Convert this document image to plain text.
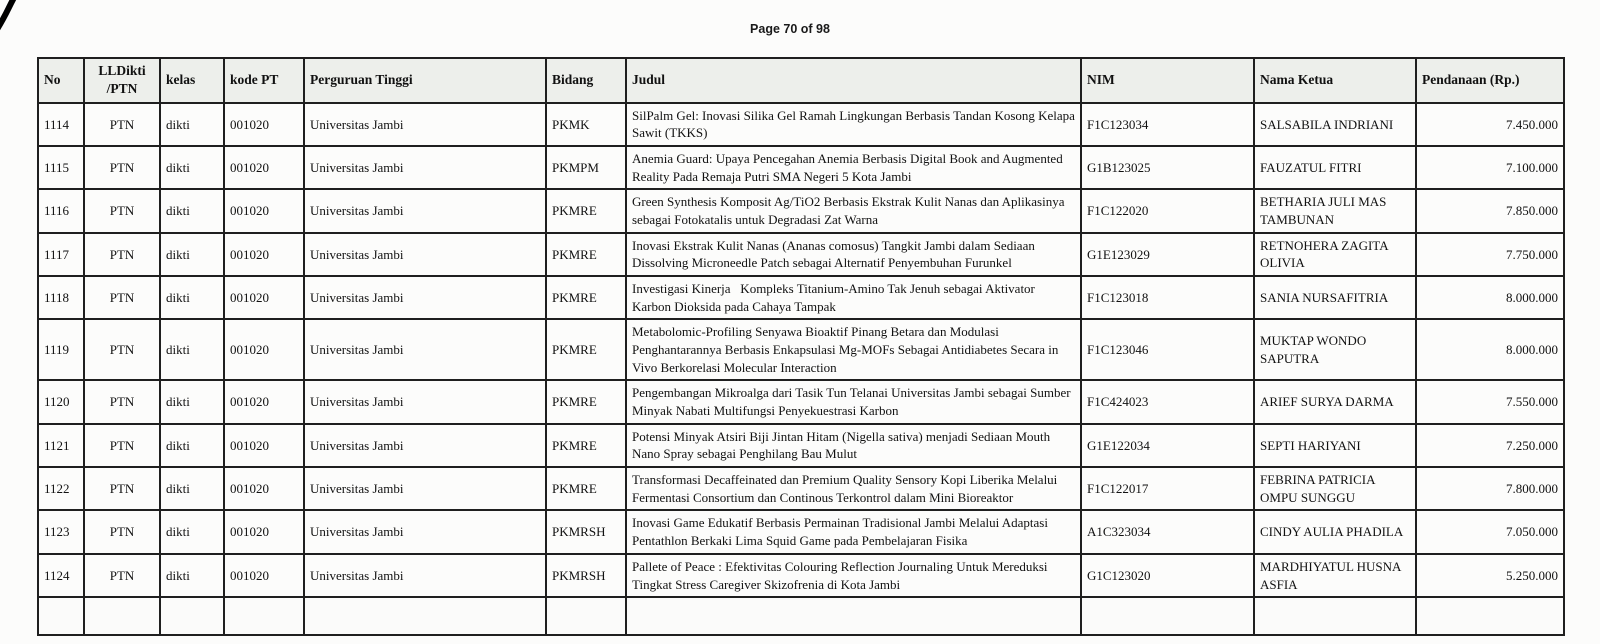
Page 70 of 98
No	LLDikti /PTN	kelas	kode PT	Perguruan Tinggi	Bidang	Judul	NIM	Nama Ketua	Pendanaan (Rp.)
1114	PTN	dikti	001020	Universitas Jambi	PKMK	SilPalm Gel: Inovasi Silika Gel Ramah Lingkungan Berbasis Tandan Kosong Kelapa Sawit (TKKS)	F1C123034	SALSABILA INDRIANI	7.450.000
1115	PTN	dikti	001020	Universitas Jambi	PKMPM	Anemia Guard: Upaya Pencegahan Anemia Berbasis Digital Book and Augmented Reality Pada Remaja Putri SMA Negeri 5 Kota Jambi	G1B123025	FAUZATUL FITRI	7.100.000
1116	PTN	dikti	001020	Universitas Jambi	PKMRE	Green Synthesis Komposit Ag/TiO2 Berbasis Ekstrak Kulit Nanas dan Aplikasinya sebagai Fotokatalis untuk Degradasi Zat Warna	F1C122020	BETHARIA JULI MAS TAMBUNAN	7.850.000
1117	PTN	dikti	001020	Universitas Jambi	PKMRE	Inovasi Ekstrak Kulit Nanas (Ananas comosus) Tangkit Jambi dalam Sediaan Dissolving Microneedle Patch sebagai Alternatif Penyembuhan Furunkel	G1E123029	RETNOHERA ZAGITA OLIVIA	7.750.000
1118	PTN	dikti	001020	Universitas Jambi	PKMRE	Investigasi Kinerja   Kompleks Titanium-Amino Tak Jenuh sebagai Aktivator Karbon Dioksida pada Cahaya Tampak	F1C123018	SANIA NURSAFITRIA	8.000.000
1119	PTN	dikti	001020	Universitas Jambi	PKMRE	Metabolomic-Profiling Senyawa Bioaktif Pinang Betara dan Modulasi Penghantarannya Berbasis Enkapsulasi Mg-MOFs Sebagai Antidiabetes Secara in Vivo Berkorelasi Molecular Interaction	F1C123046	MUKTAP WONDO SAPUTRA	8.000.000
1120	PTN	dikti	001020	Universitas Jambi	PKMRE	Pengembangan Mikroalga dari Tasik Tun Telanai Universitas Jambi sebagai Sumber Minyak Nabati Multifungsi Penyekuestrasi Karbon	F1C424023	ARIEF SURYA DARMA	7.550.000
1121	PTN	dikti	001020	Universitas Jambi	PKMRE	Potensi Minyak Atsiri Biji Jintan Hitam (Nigella sativa) menjadi Sediaan Mouth Nano Spray sebagai Penghilang Bau Mulut	G1E122034	SEPTI HARIYANI	7.250.000
1122	PTN	dikti	001020	Universitas Jambi	PKMRE	Transformasi Decaffeinated dan Premium Quality Sensory Kopi Liberika Melalui Fermentasi Consortium dan Continous Terkontrol dalam Mini Bioreaktor	F1C122017	FEBRINA PATRICIA OMPU SUNGGU	7.800.000
1123	PTN	dikti	001020	Universitas Jambi	PKMRSH	Inovasi Game Edukatif Berbasis Permainan Tradisional Jambi Melalui Adaptasi Pentathlon Berkaki Lima Squid Game pada Pembelajaran Fisika	A1C323034	CINDY AULIA PHADILA	7.050.000
1124	PTN	dikti	001020	Universitas Jambi	PKMRSH	Pallete of Peace : Efektivitas Colouring Reflection Journaling Untuk Mereduksi Tingkat Stress Caregiver Skizofrenia di Kota Jambi	G1C123020	MARDHIYATUL HUSNA ASFIA	5.250.000
